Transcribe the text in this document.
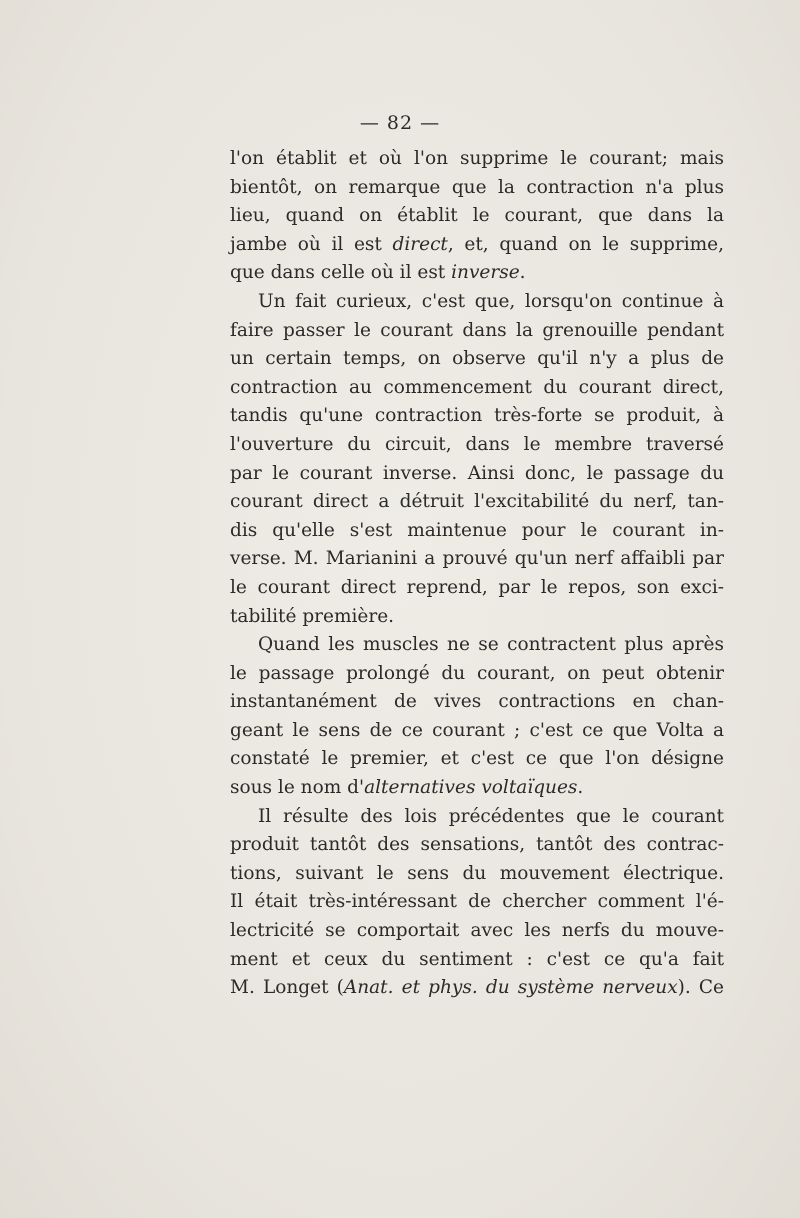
— 82 —
l'on établit et où l'on supprime le courant; mais
bientôt, on remarque que la contraction n'a plus
lieu, quand on établit le courant, que dans la
jambe où il est direct, et, quand on le supprime,
que dans celle où il est inverse.
Un fait curieux, c'est que, lorsqu'on continue à
faire passer le courant dans la grenouille pendant
un certain temps, on observe qu'il n'y a plus de
contraction au commencement du courant direct,
tandis qu'une contraction très-forte se produit, à
l'ouverture du circuit, dans le membre traversé
par le courant inverse. Ainsi donc, le passage du
courant direct a détruit l'excitabilité du nerf, tan-
dis qu'elle s'est maintenue pour le courant in-
verse. M. Marianini a prouvé qu'un nerf affaibli par
le courant direct reprend, par le repos, son exci-
tabilité première.
Quand les muscles ne se contractent plus après
le passage prolongé du courant, on peut obtenir
instantanément de vives contractions en chan-
geant le sens de ce courant ; c'est ce que Volta a
constaté le premier, et c'est ce que l'on désigne
sous le nom d'alternatives voltaïques.
Il résulte des lois précédentes que le courant
produit tantôt des sensations, tantôt des contrac-
tions, suivant le sens du mouvement électrique.
Il était très-intéressant de chercher comment l'é-
lectricité se comportait avec les nerfs du mouve-
ment et ceux du sentiment : c'est ce qu'a fait
M. Longet (Anat. et phys. du système nerveux). Ce
